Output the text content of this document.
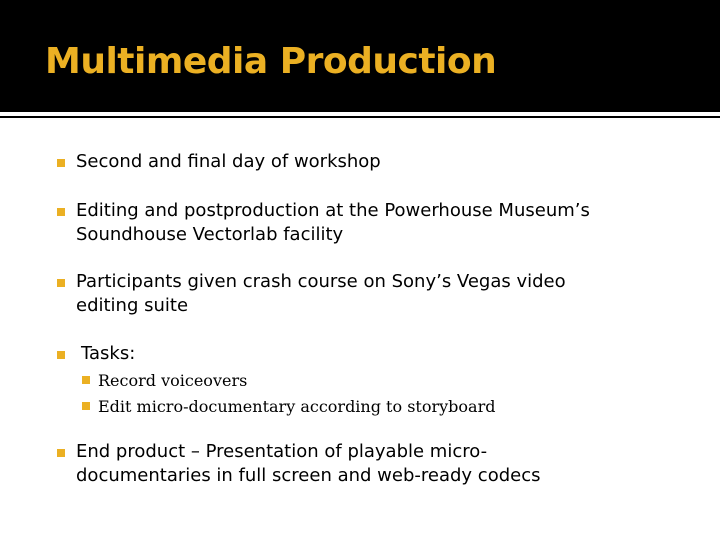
Multimedia Production
Second and final day of workshop
Editing and postproduction at the Powerhouse Museum’s
Soundhouse Vectorlab facility
Participants given crash course on Sony’s Vegas video
editing suite
Tasks:
Record voiceovers
Edit micro-documentary according to storyboard
End product – Presentation of playable micro-
documentaries in full screen and web-ready codecs
